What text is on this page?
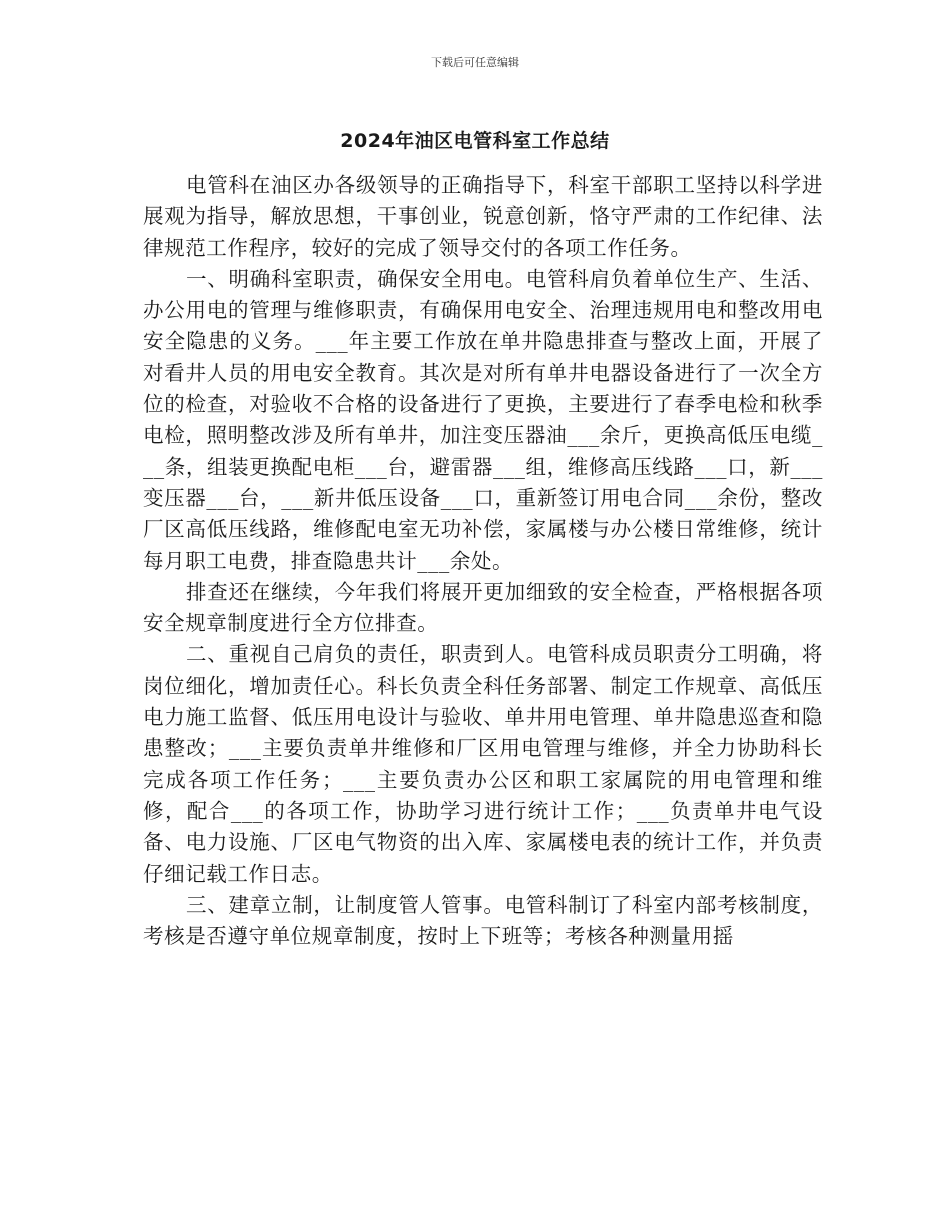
下载后可任意编辑
2024年油区电管科室工作总结

电管科在油区办各级领导的正确指导下，科室干部职工坚持以科学进展观为指导，解放思想，干事创业，锐意创新，恪守严肃的工作纪律、法律规范工作程序，较好的完成了领导交付的各项工作任务。

一、明确科室职责，确保安全用电。电管科肩负着单位生产、生活、办公用电的管理与维修职责，有确保用电安全、治理违规用电和整改用电安全隐患的义务。___年主要工作放在单井隐患排查与整改上面，开展了对看井人员的用电安全教育。其次是对所有单井电器设备进行了一次全方位的检查，对验收不合格的设备进行了更换，主要进行了春季电检和秋季电检，照明整改涉及所有单井，加注变压器油___余斤，更换高低压电缆___条，组装更换配电柜___台，避雷器___组，维修高压线路___口，新___变压器___台，___新井低压设备___口，重新签订用电合同___余份，整改厂区高低压线路，维修配电室无功补偿，家属楼与办公楼日常维修，统计每月职工电费，排查隐患共计___余处。

排查还在继续，今年我们将展开更加细致的安全检查，严格根据各项安全规章制度进行全方位排查。

二、重视自己肩负的责任，职责到人。电管科成员职责分工明确，将岗位细化，增加责任心。科长负责全科任务部署、制定工作规章、高低压电力施工监督、低压用电设计与验收、单井用电管理、单井隐患巡查和隐患整改；___主要负责单井维修和厂区用电管理与维修，并全力协助科长完成各项工作任务；___主要负责办公区和职工家属院的用电管理和维修，配合___的各项工作，协助学习进行统计工作；___负责单井电气设备、电力设施、厂区电气物资的出入库、家属楼电表的统计工作，并负责仔细记载工作日志。

三、建章立制，让制度管人管事。电管科制订了科室内部考核制度，考核是否遵守单位规章制度，按时上下班等；考核各种测量用摇
